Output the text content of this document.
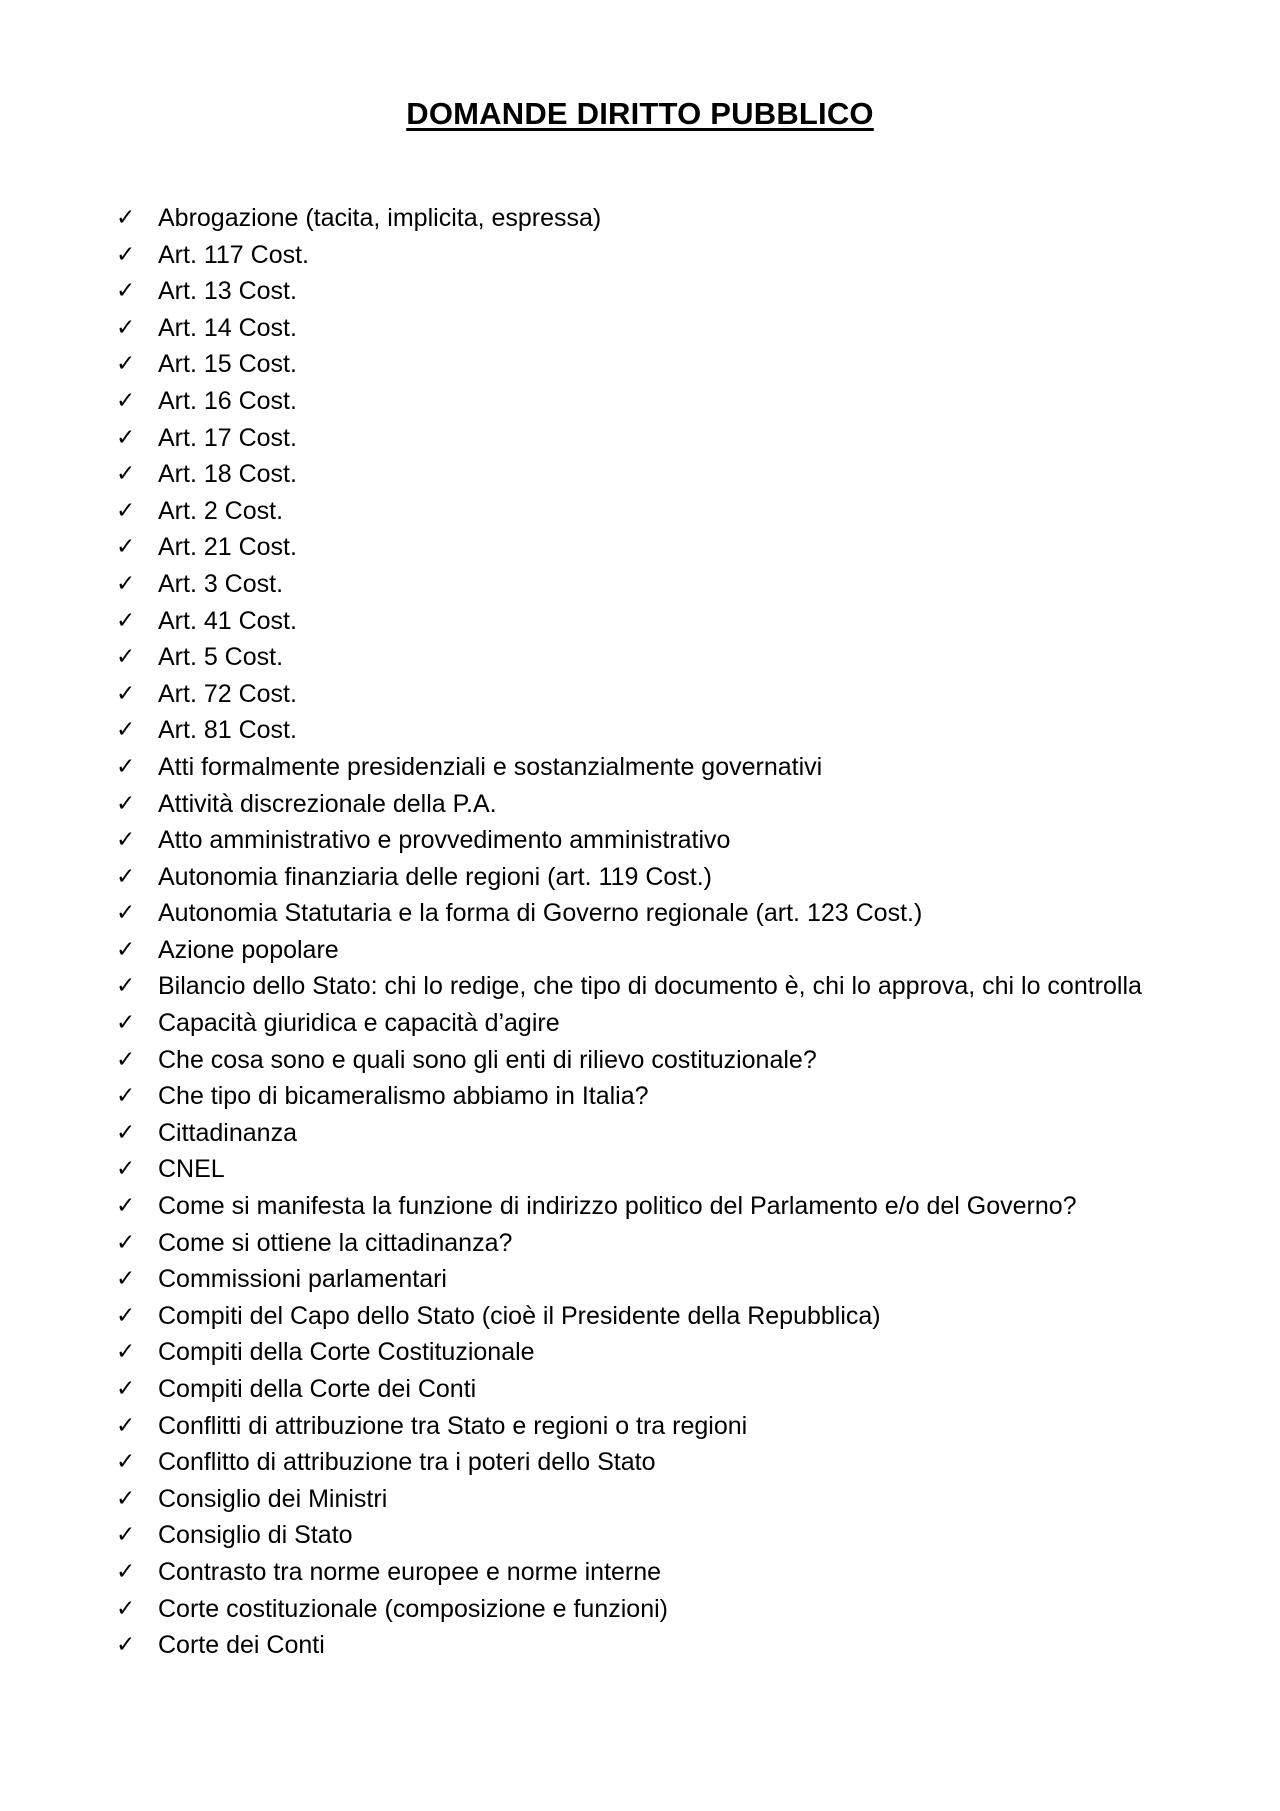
DOMANDE DIRITTO PUBBLICO
✓ Abrogazione (tacita, implicita, espressa)
✓ Art. 117 Cost.
✓ Art. 13 Cost.
✓ Art. 14 Cost.
✓ Art. 15 Cost.
✓ Art. 16 Cost.
✓ Art. 17 Cost.
✓ Art. 18 Cost.
✓ Art. 2 Cost.
✓ Art. 21 Cost.
✓ Art. 3 Cost.
✓ Art. 41 Cost.
✓ Art. 5 Cost.
✓ Art. 72 Cost.
✓ Art. 81 Cost.
✓ Atti formalmente presidenziali e sostanzialmente governativi
✓ Attività discrezionale della P.A.
✓ Atto amministrativo e provvedimento amministrativo
✓ Autonomia finanziaria delle regioni (art. 119 Cost.)
✓ Autonomia Statutaria e la forma di Governo regionale (art. 123 Cost.)
✓ Azione popolare
✓ Bilancio dello Stato: chi lo redige, che tipo di documento è, chi lo approva, chi lo controlla
✓ Capacità giuridica e capacità d’agire
✓ Che cosa sono e quali sono gli enti di rilievo costituzionale?
✓ Che tipo di bicameralismo abbiamo in Italia?
✓ Cittadinanza
✓ CNEL
✓ Come si manifesta la funzione di indirizzo politico del Parlamento e/o del Governo?
✓ Come si ottiene la cittadinanza?
✓ Commissioni parlamentari
✓ Compiti del Capo dello Stato (cioè il Presidente della Repubblica)
✓ Compiti della Corte Costituzionale
✓ Compiti della Corte dei Conti
✓ Conflitti di attribuzione tra Stato e regioni o tra regioni
✓ Conflitto di attribuzione tra i poteri dello Stato
✓ Consiglio dei Ministri
✓ Consiglio di Stato
✓ Contrasto tra norme europee e norme interne
✓ Corte costituzionale (composizione e funzioni)
✓ Corte dei Conti
